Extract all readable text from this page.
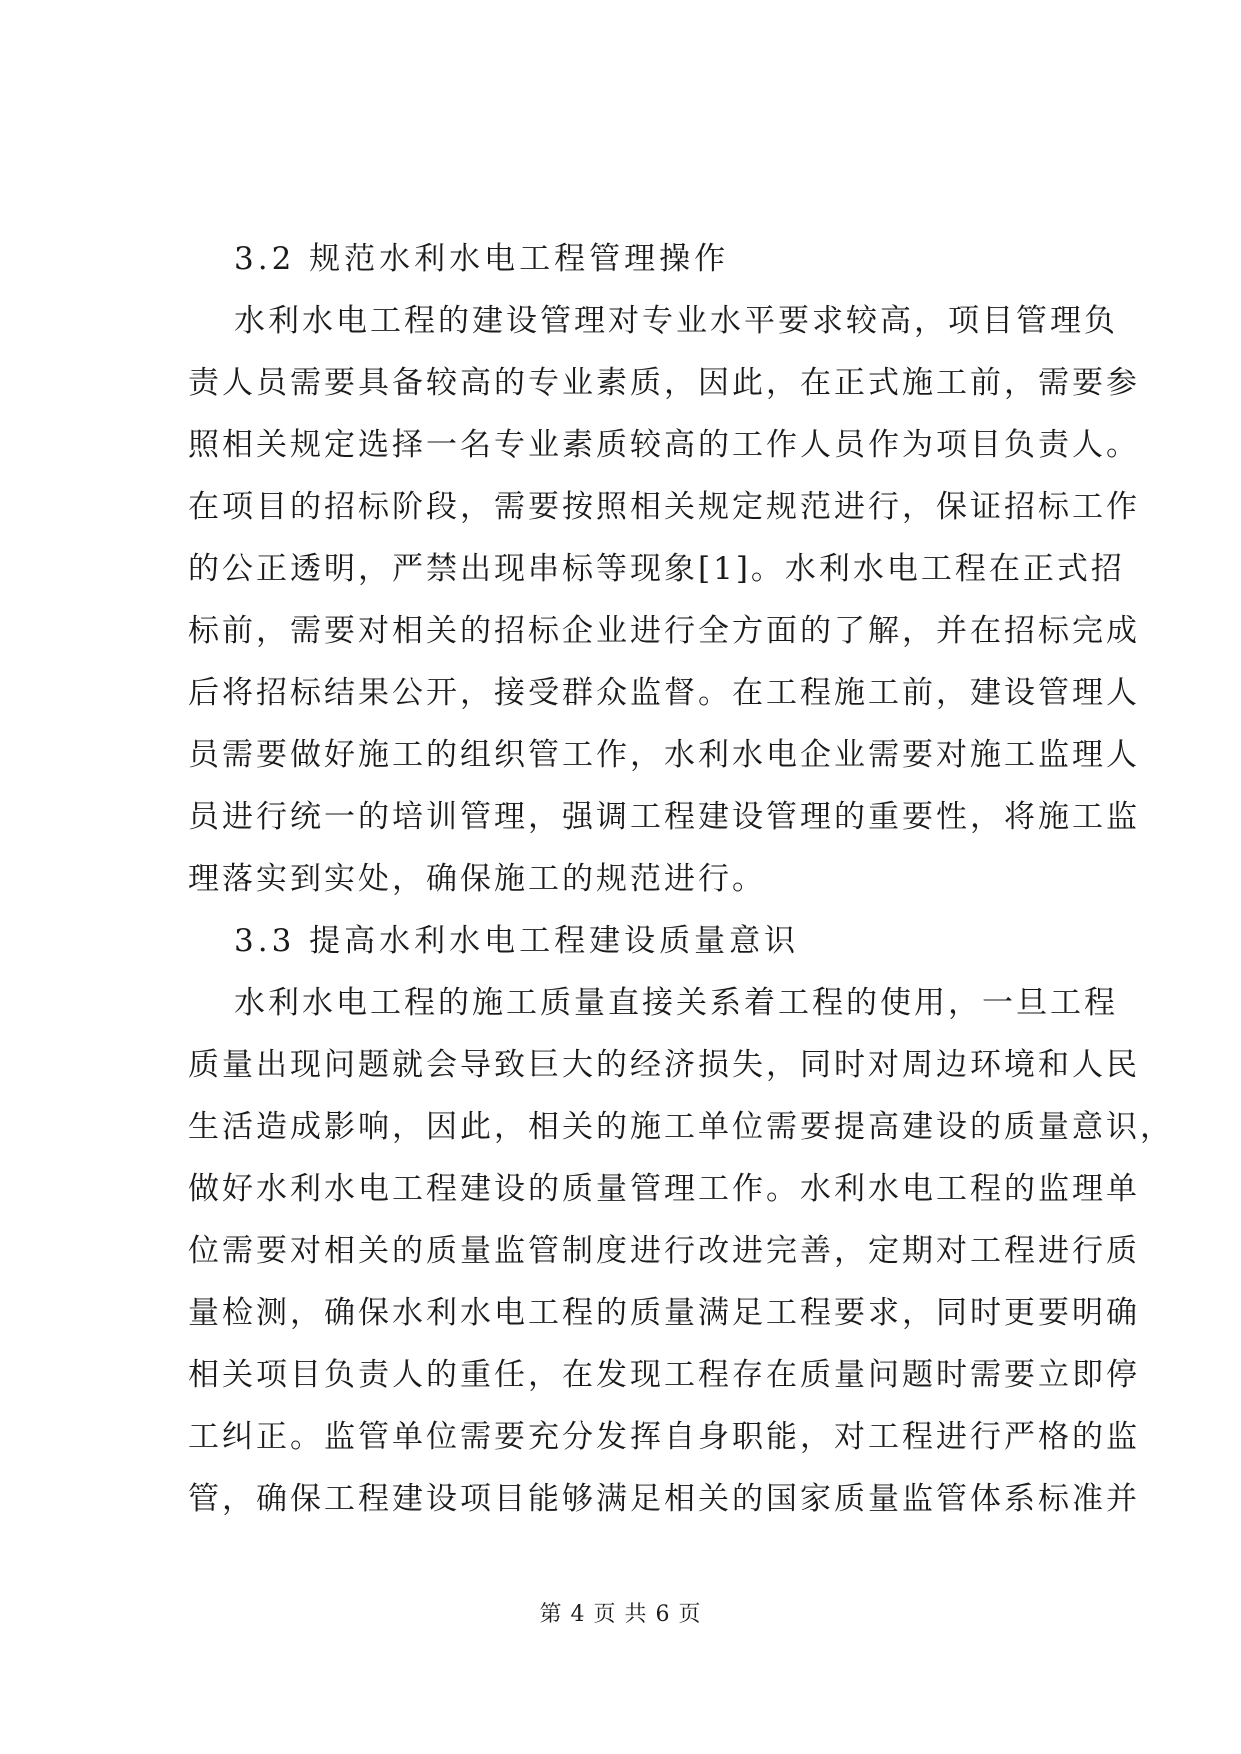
3.2 规范水利水电工程管理操作
水利水电工程的建设管理对专业水平要求较高，项目管理负
责人员需要具备较高的专业素质，因此，在正式施工前，需要参
照相关规定选择一名专业素质较高的工作人员作为项目负责人。
在项目的招标阶段，需要按照相关规定规范进行，保证招标工作
的公正透明，严禁出现串标等现象[1]。水利水电工程在正式招
标前，需要对相关的招标企业进行全方面的了解，并在招标完成
后将招标结果公开，接受群众监督。在工程施工前，建设管理人
员需要做好施工的组织管工作，水利水电企业需要对施工监理人
员进行统一的培训管理，强调工程建设管理的重要性，将施工监
理落实到实处，确保施工的规范进行。
3.3 提高水利水电工程建设质量意识
水利水电工程的施工质量直接关系着工程的使用，一旦工程
质量出现问题就会导致巨大的经济损失，同时对周边环境和人民
生活造成影响，因此，相关的施工单位需要提高建设的质量意识，
做好水利水电工程建设的质量管理工作。水利水电工程的监理单
位需要对相关的质量监管制度进行改进完善，定期对工程进行质
量检测，确保水利水电工程的质量满足工程要求，同时更要明确
相关项目负责人的重任，在发现工程存在质量问题时需要立即停
工纠正。监管单位需要充分发挥自身职能，对工程进行严格的监
管，确保工程建设项目能够满足相关的国家质量监管体系标准并
第 4 页 共 6 页
